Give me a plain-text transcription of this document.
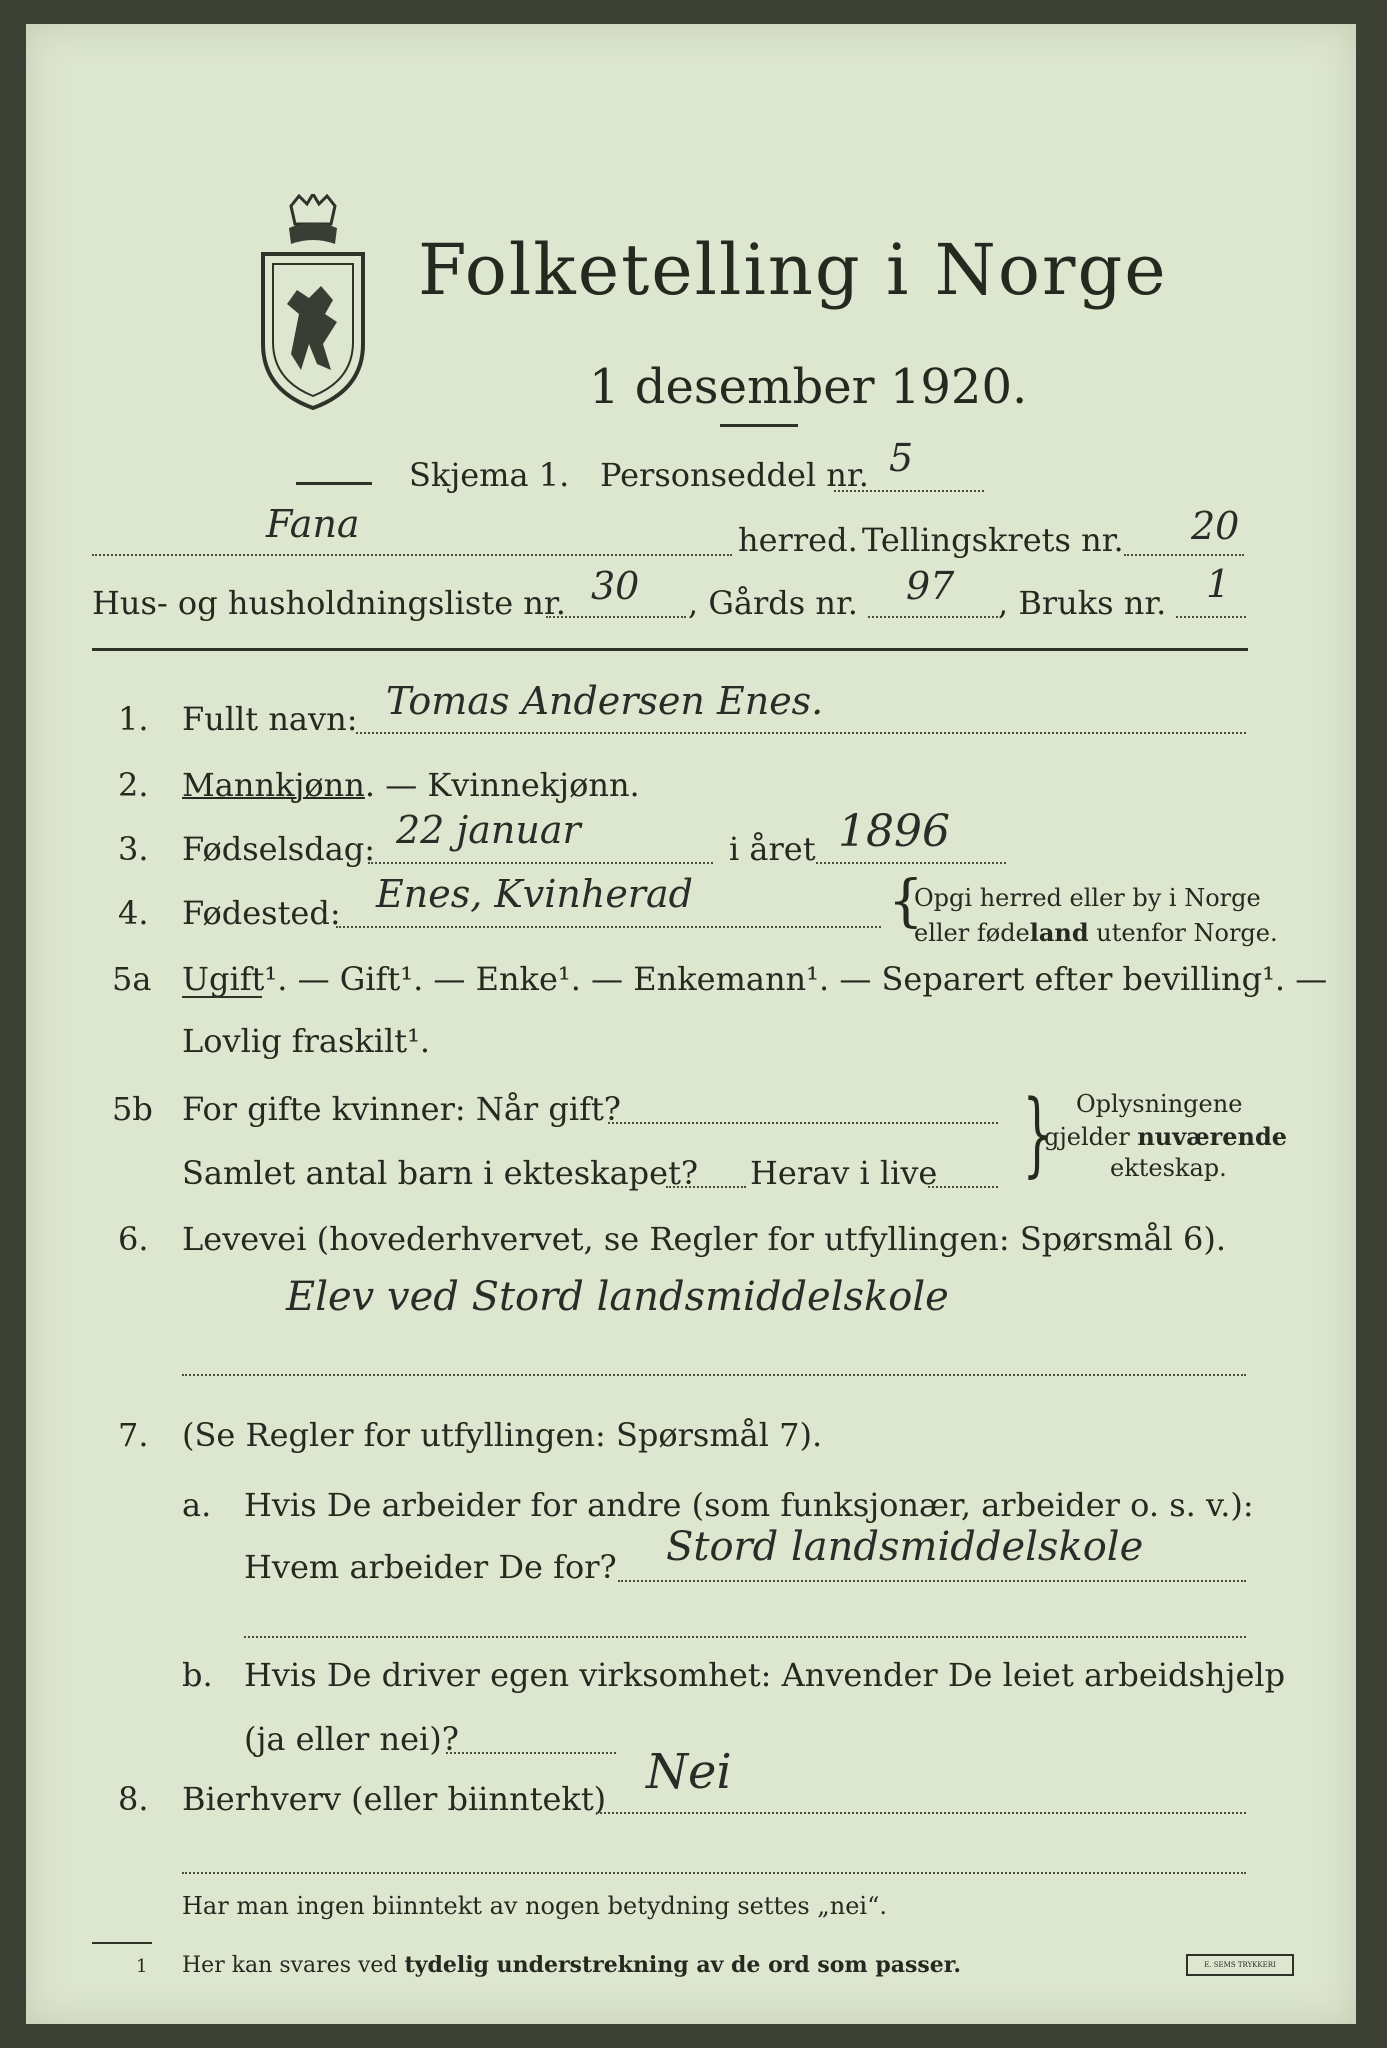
Folketelling i Norge
1 desember 1920.
Skjema 1. Personseddel nr. 5
Fana	herred. Tellingskrets nr. 20
Hus- og husholdningsliste nr. 30 , Gårds nr. 97 , Bruks nr. 1
1. Fullt navn: Tomas Andersen Enes.
2. Mannkjønn. — Kvinnekjønn.
3. Fødselsdag: 22 januar	i året 1896
4. Fødested: Enes, Kvinherad	{
Opgi herred eller by i Norge
eller fødeland utenfor Norge.
5a Ugift¹. — Gift¹. — Enke¹. — Enkemann¹. — Separert efter bevilling¹. —
Lovlig fraskilt¹.
5b For gifte kvinner: Når gift?
Samlet antal barn i ekteskapet? Herav i live } Oplysningene
gjelder nuværende
ekteskap.
6. Levevei (hovederhvervet, se Regler for utfyllingen: Spørsmål 6).
Elev ved Stord landsmiddelskole
7. (Se Regler for utfyllingen: Spørsmål 7).
a. Hvis De arbeider for andre (som funksjonær, arbeider o. s. v.):
Hvem arbeider De for? Stord landsmiddelskole
b. Hvis De driver egen virksomhet: Anvender De leiet arbeidshjelp
(ja eller nei)?
8. Bierhverv (eller biinntekt) Nei
Har man ingen biinntekt av nogen betydning settes „nei“.
1 Her kan svares ved tydelig understrekning av de ord som passer.	E. SEMS TRYKKERI
